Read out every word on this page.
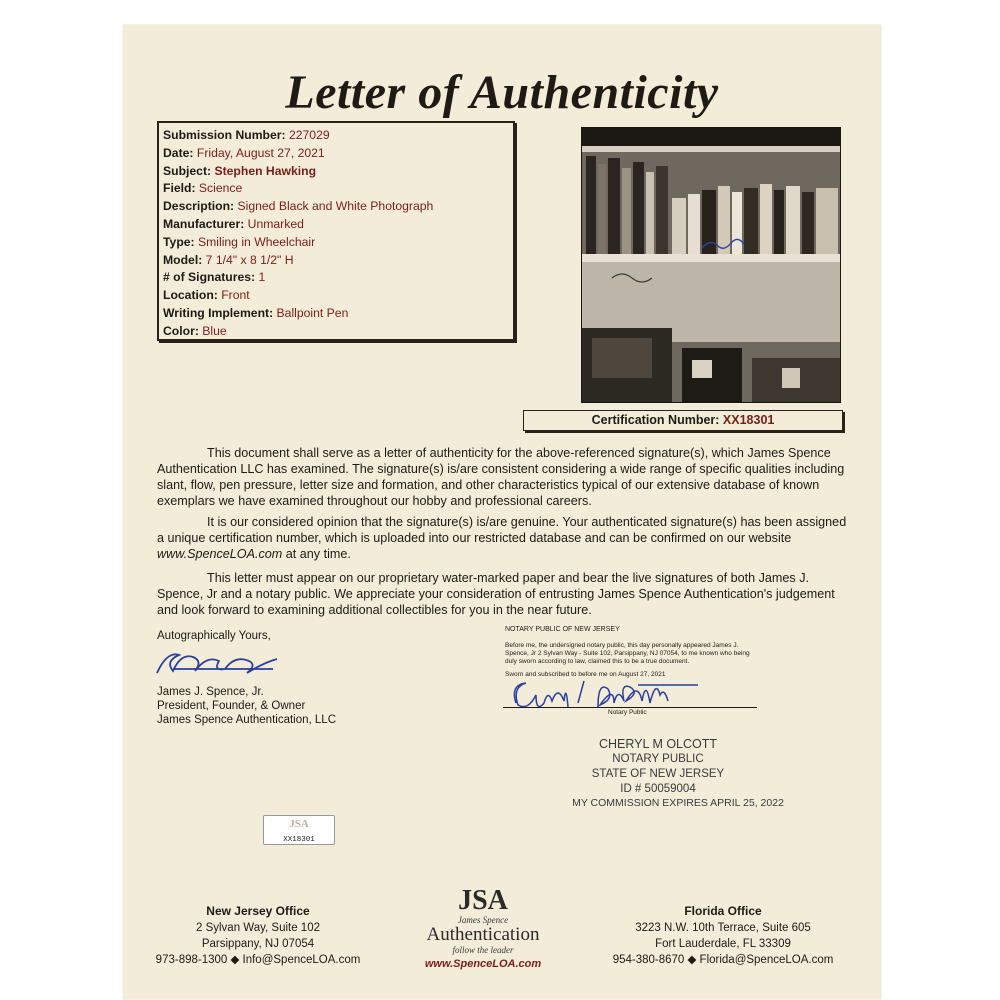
Letter of Authenticity
Submission Number: 227029
Date: Friday, August 27, 2021
Subject: Stephen Hawking
Field: Science
Description: Signed Black and White Photograph
Manufacturer: Unmarked
Type: Smiling in Wheelchair
Model: 7 1/4" x 8 1/2" H
# of Signatures: 1
Location: Front
Writing Implement: Ballpoint Pen
Color: Blue
Certification Number: XX18301
This document shall serve as a letter of authenticity for the above-referenced signature(s), which James Spence Authentication LLC has examined. The signature(s) is/are consistent considering a wide range of specific qualities including slant, flow, pen pressure, letter size and formation, and other characteristics typical of our extensive database of known exemplars we have examined throughout our hobby and professional careers.
It is our considered opinion that the signature(s) is/are genuine. Your authenticated signature(s) has been assigned a unique certification number, which is uploaded into our restricted database and can be confirmed on our website www.SpenceLOA.com at any time.
This letter must appear on our proprietary water-marked paper and bear the live signatures of both James J. Spence, Jr and a notary public. We appreciate your consideration of entrusting James Spence Authentication's judgement and look forward to examining additional collectibles for you in the near future.
Autographically Yours,
James J. Spence, Jr.
President, Founder, & Owner
James Spence Authentication, LLC
NOTARY PUBLIC OF NEW JERSEY
Before me, the undersigned notary public, this day personally appeared James J. Spence, Jr 2 Sylvan Way - Suite 102, Parsippany, NJ 07054, to me known who being duly sworn according to law, claimed this to be a true document.
Sworn and subscribed to before me on August 27, 2021
Notary Public
CHERYL M OLCOTT
NOTARY PUBLIC
STATE OF NEW JERSEY
ID # 50059004
MY COMMISSION EXPIRES APRIL 25, 2022
JSA
XX18301
New Jersey Office
2 Sylvan Way, Suite 102
Parsippany, NJ 07054
973-898-1300 ◆ Info@SpenceLOA.com
JSA
James Spence
Authentication
follow the leader
www.SpenceLOA.com
Florida Office
3223 N.W. 10th Terrace, Suite 605
Fort Lauderdale, FL 33309
954-380-8670 ◆ Florida@SpenceLOA.com
